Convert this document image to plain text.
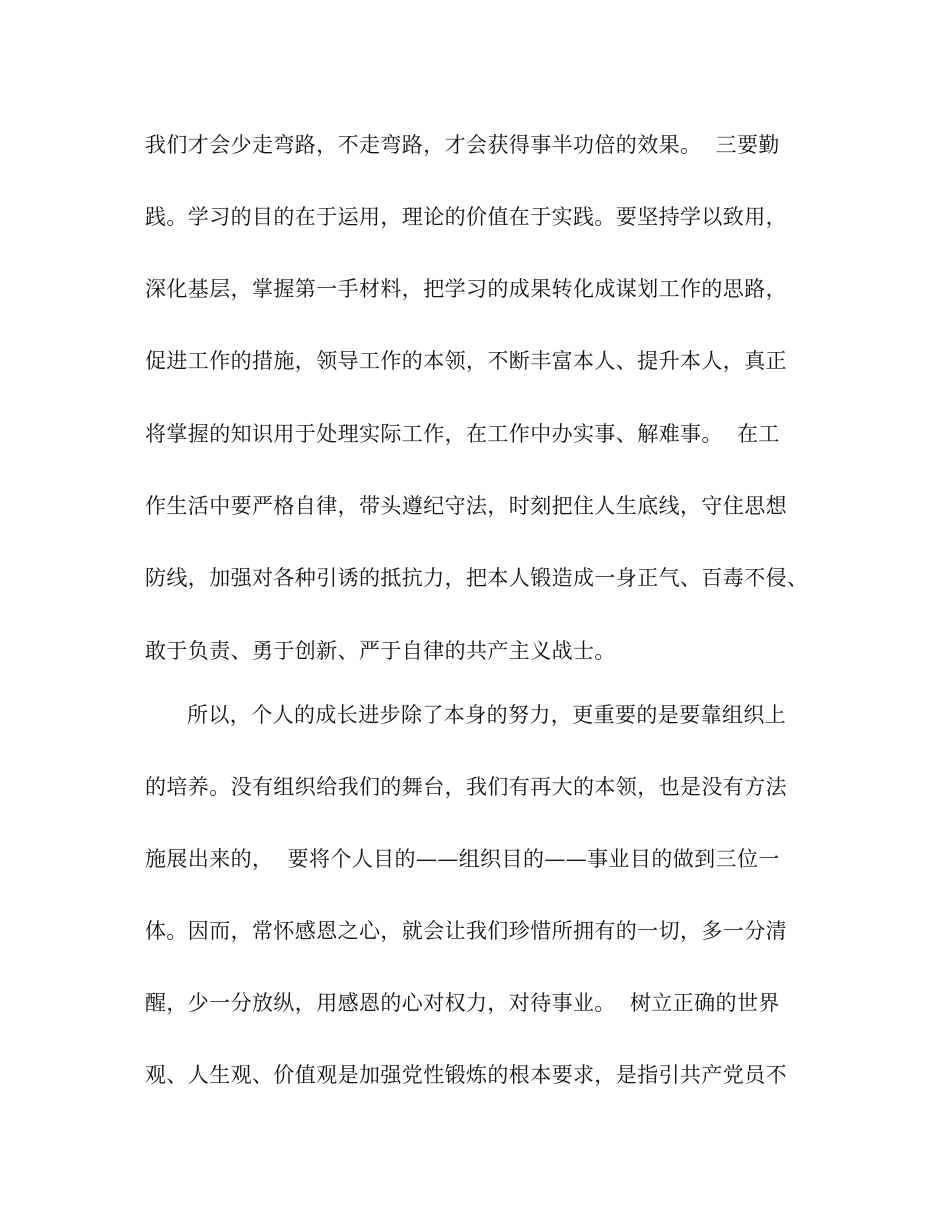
我们才会少走弯路，不走弯路，才会获得事半功倍的效果。  三要勤
践。学习的目的在于运用，理论的价值在于实践。要坚持学以致用，
深化基层，掌握第一手材料，把学习的成果转化成谋划工作的思路，
促进工作的措施，领导工作的本领，不断丰富本人、提升本人，真正
将掌握的知识用于处理实际工作，在工作中办实事、解难事。  在工
作生活中要严格自律，带头遵纪守法，时刻把住人生底线，守住思想
防线，加强对各种引诱的抵抗力，把本人锻造成一身正气、百毒不侵、
敢于负责、勇于创新、严于自律的共产主义战士。
所以，个人的成长进步除了本身的努力，更重要的是要靠组织上
的培养。没有组织给我们的舞台，我们有再大的本领，也是没有方法
施展出来的，  要将个人目的——组织目的——事业目的做到三位一
体。因而，常怀感恩之心，就会让我们珍惜所拥有的一切，多一分清
醒，少一分放纵，用感恩的心对权力，对待事业。  树立正确的世界
观、人生观、价值观是加强党性锻炼的根本要求，是指引共产党员不
